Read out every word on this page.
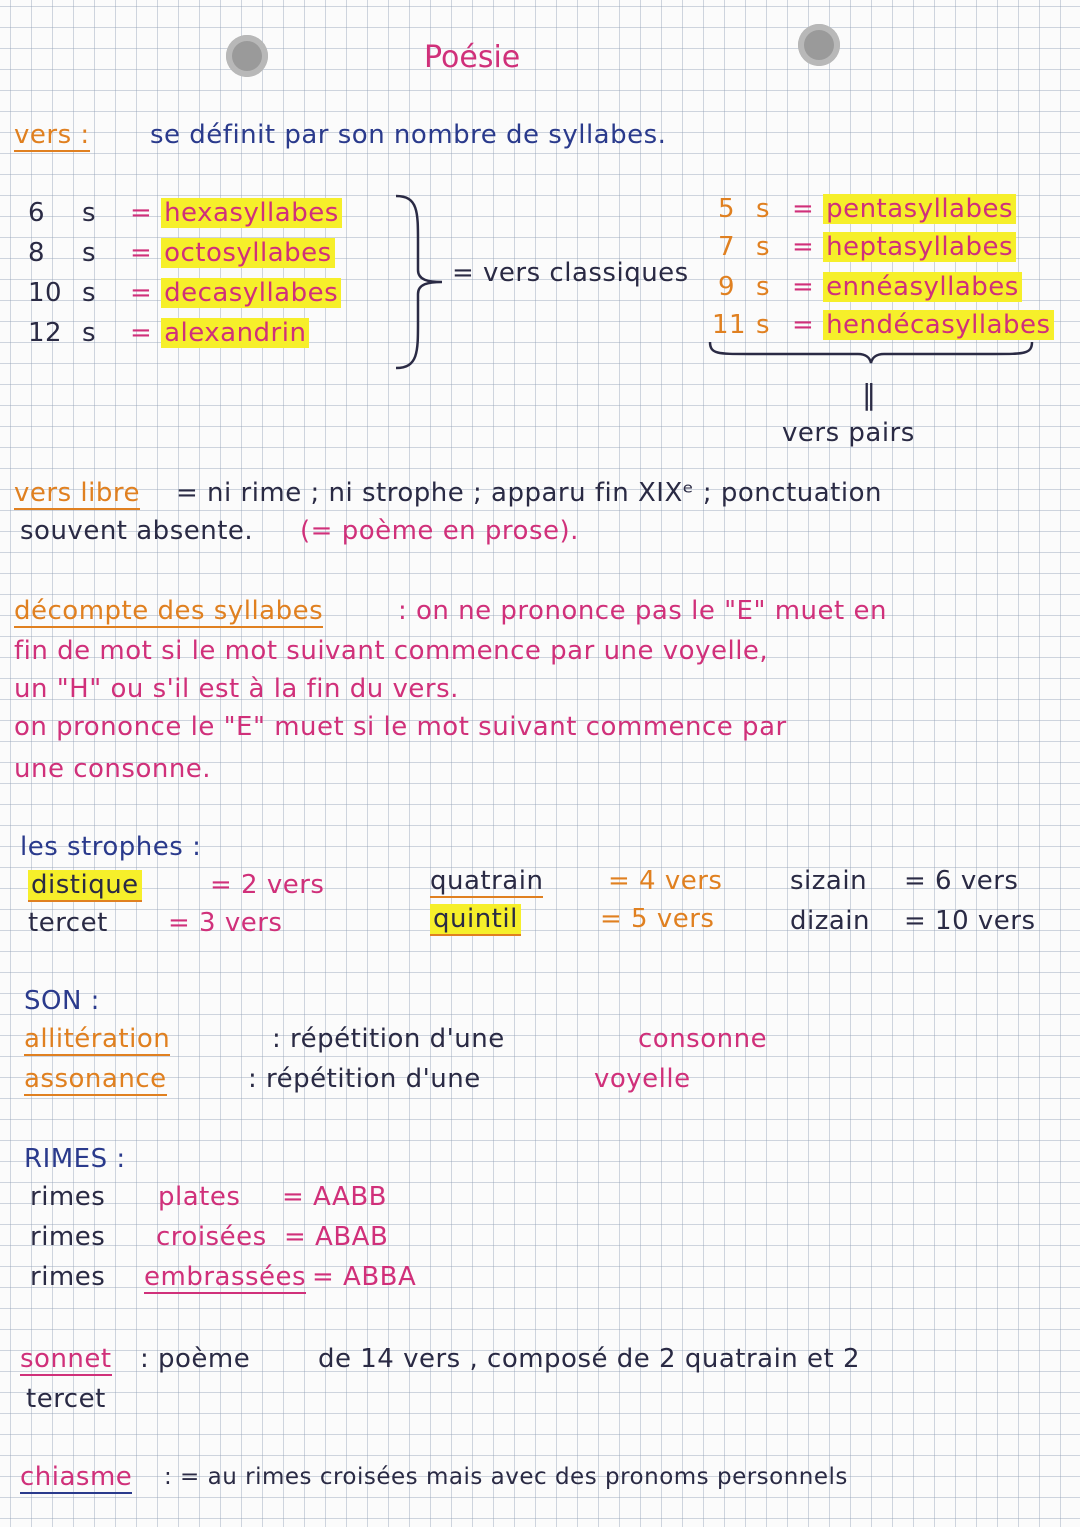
Poésie
vers : se définit par son nombre de syllabes.
6 s = hexasyllabes
8 s = octosyllabes
10 s = decasyllabes
12 s = alexandrin
= vers classiques
5 s = pentasyllabes
7 s = heptasyllabes
9 s = ennéasyllabes
11 s = hendécasyllabes
‖
vers pairs
vers libre = ni rime ; ni strophe ; apparu fin XIXᵉ ; ponctuation
souvent absente. (= poème en prose).
décompte des syllabes	: on ne prononce pas le "E" muet en
fin de mot si le mot suivant commence par une voyelle,
un "H" ou s'il est à la fin du vers.
on prononce le "E" muet si le mot suivant commence par
une consonne.
les strophes :
distique	= 2 vers
tercet = 3 vers
quatrain = 4 vers
quintil	= 5 vers
sizain = 6 vers
dizain = 10 vers
SON :
allitération	: répétition d'une	consonne
assonance	: répétition d'une	voyelle
RIMES :
rimes plates = AABB
rimes croisées = ABAB
rimes embrassées = ABBA
sonnet : poème	de 14 vers , composé de 2 quatrain et 2
tercet
chiasme : = au rimes croisées mais avec des pronoms personnels
